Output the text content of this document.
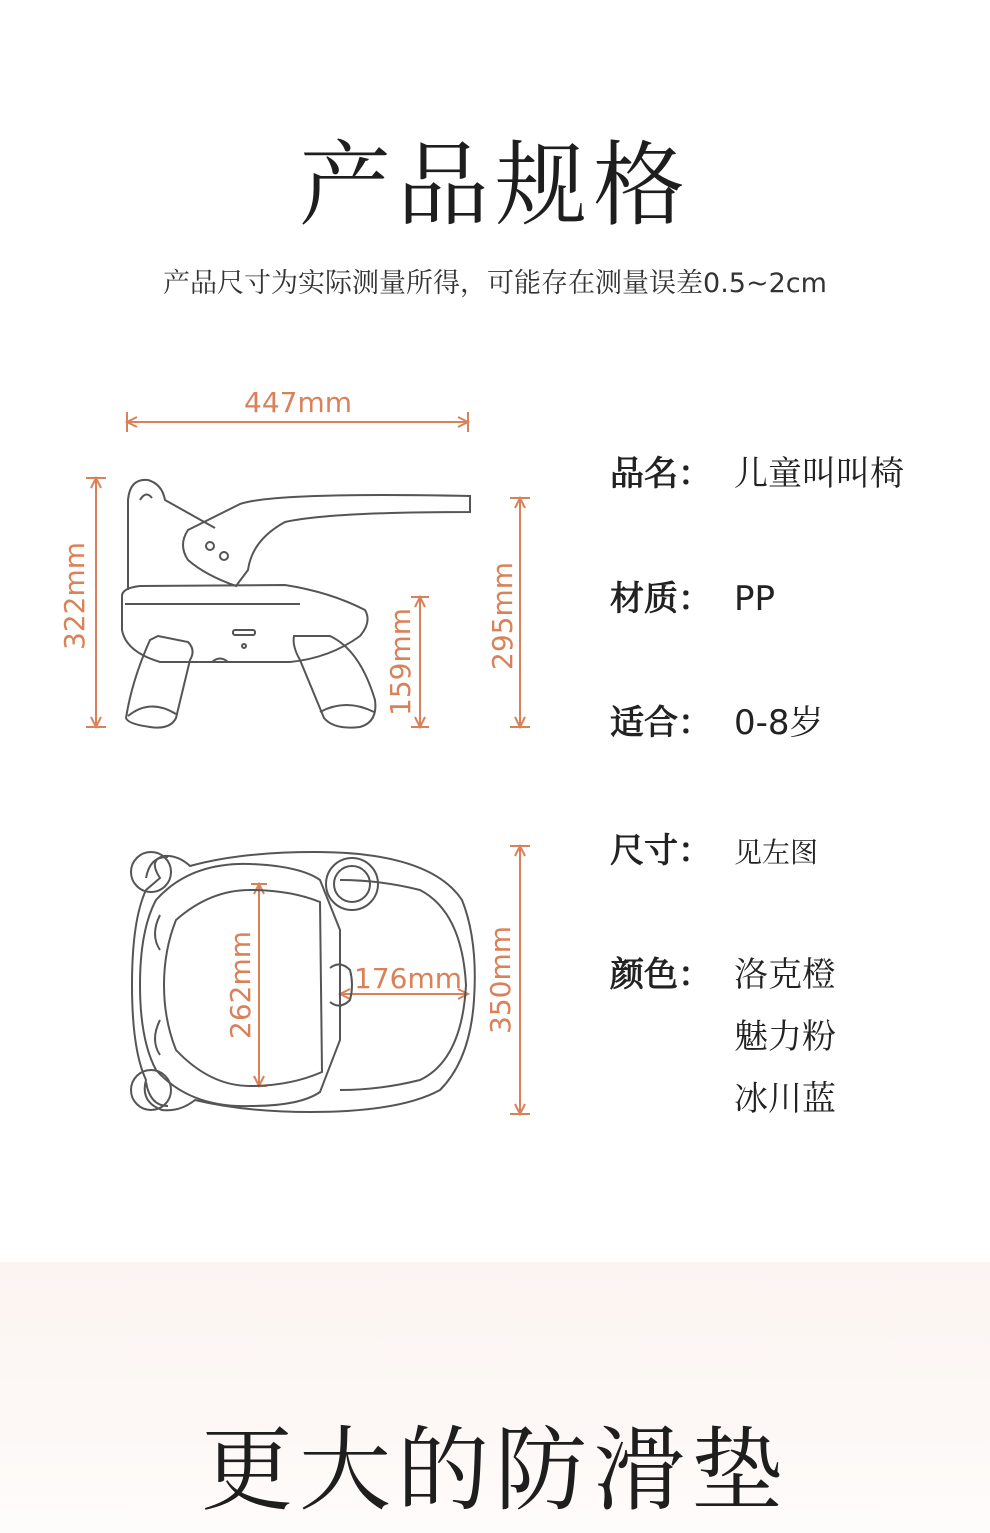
产品规格
产品尺寸为实际测量所得，可能存在测量误差0.5~2cm
447mm
322mm
159mm 295mm
262mm	176mm 350mm
品名： 儿童叫叫椅
材质： PP
适合： 0-8岁
尺寸： 见左图
颜色： 洛克橙
魅力粉
冰川蓝
更大的防滑垫
